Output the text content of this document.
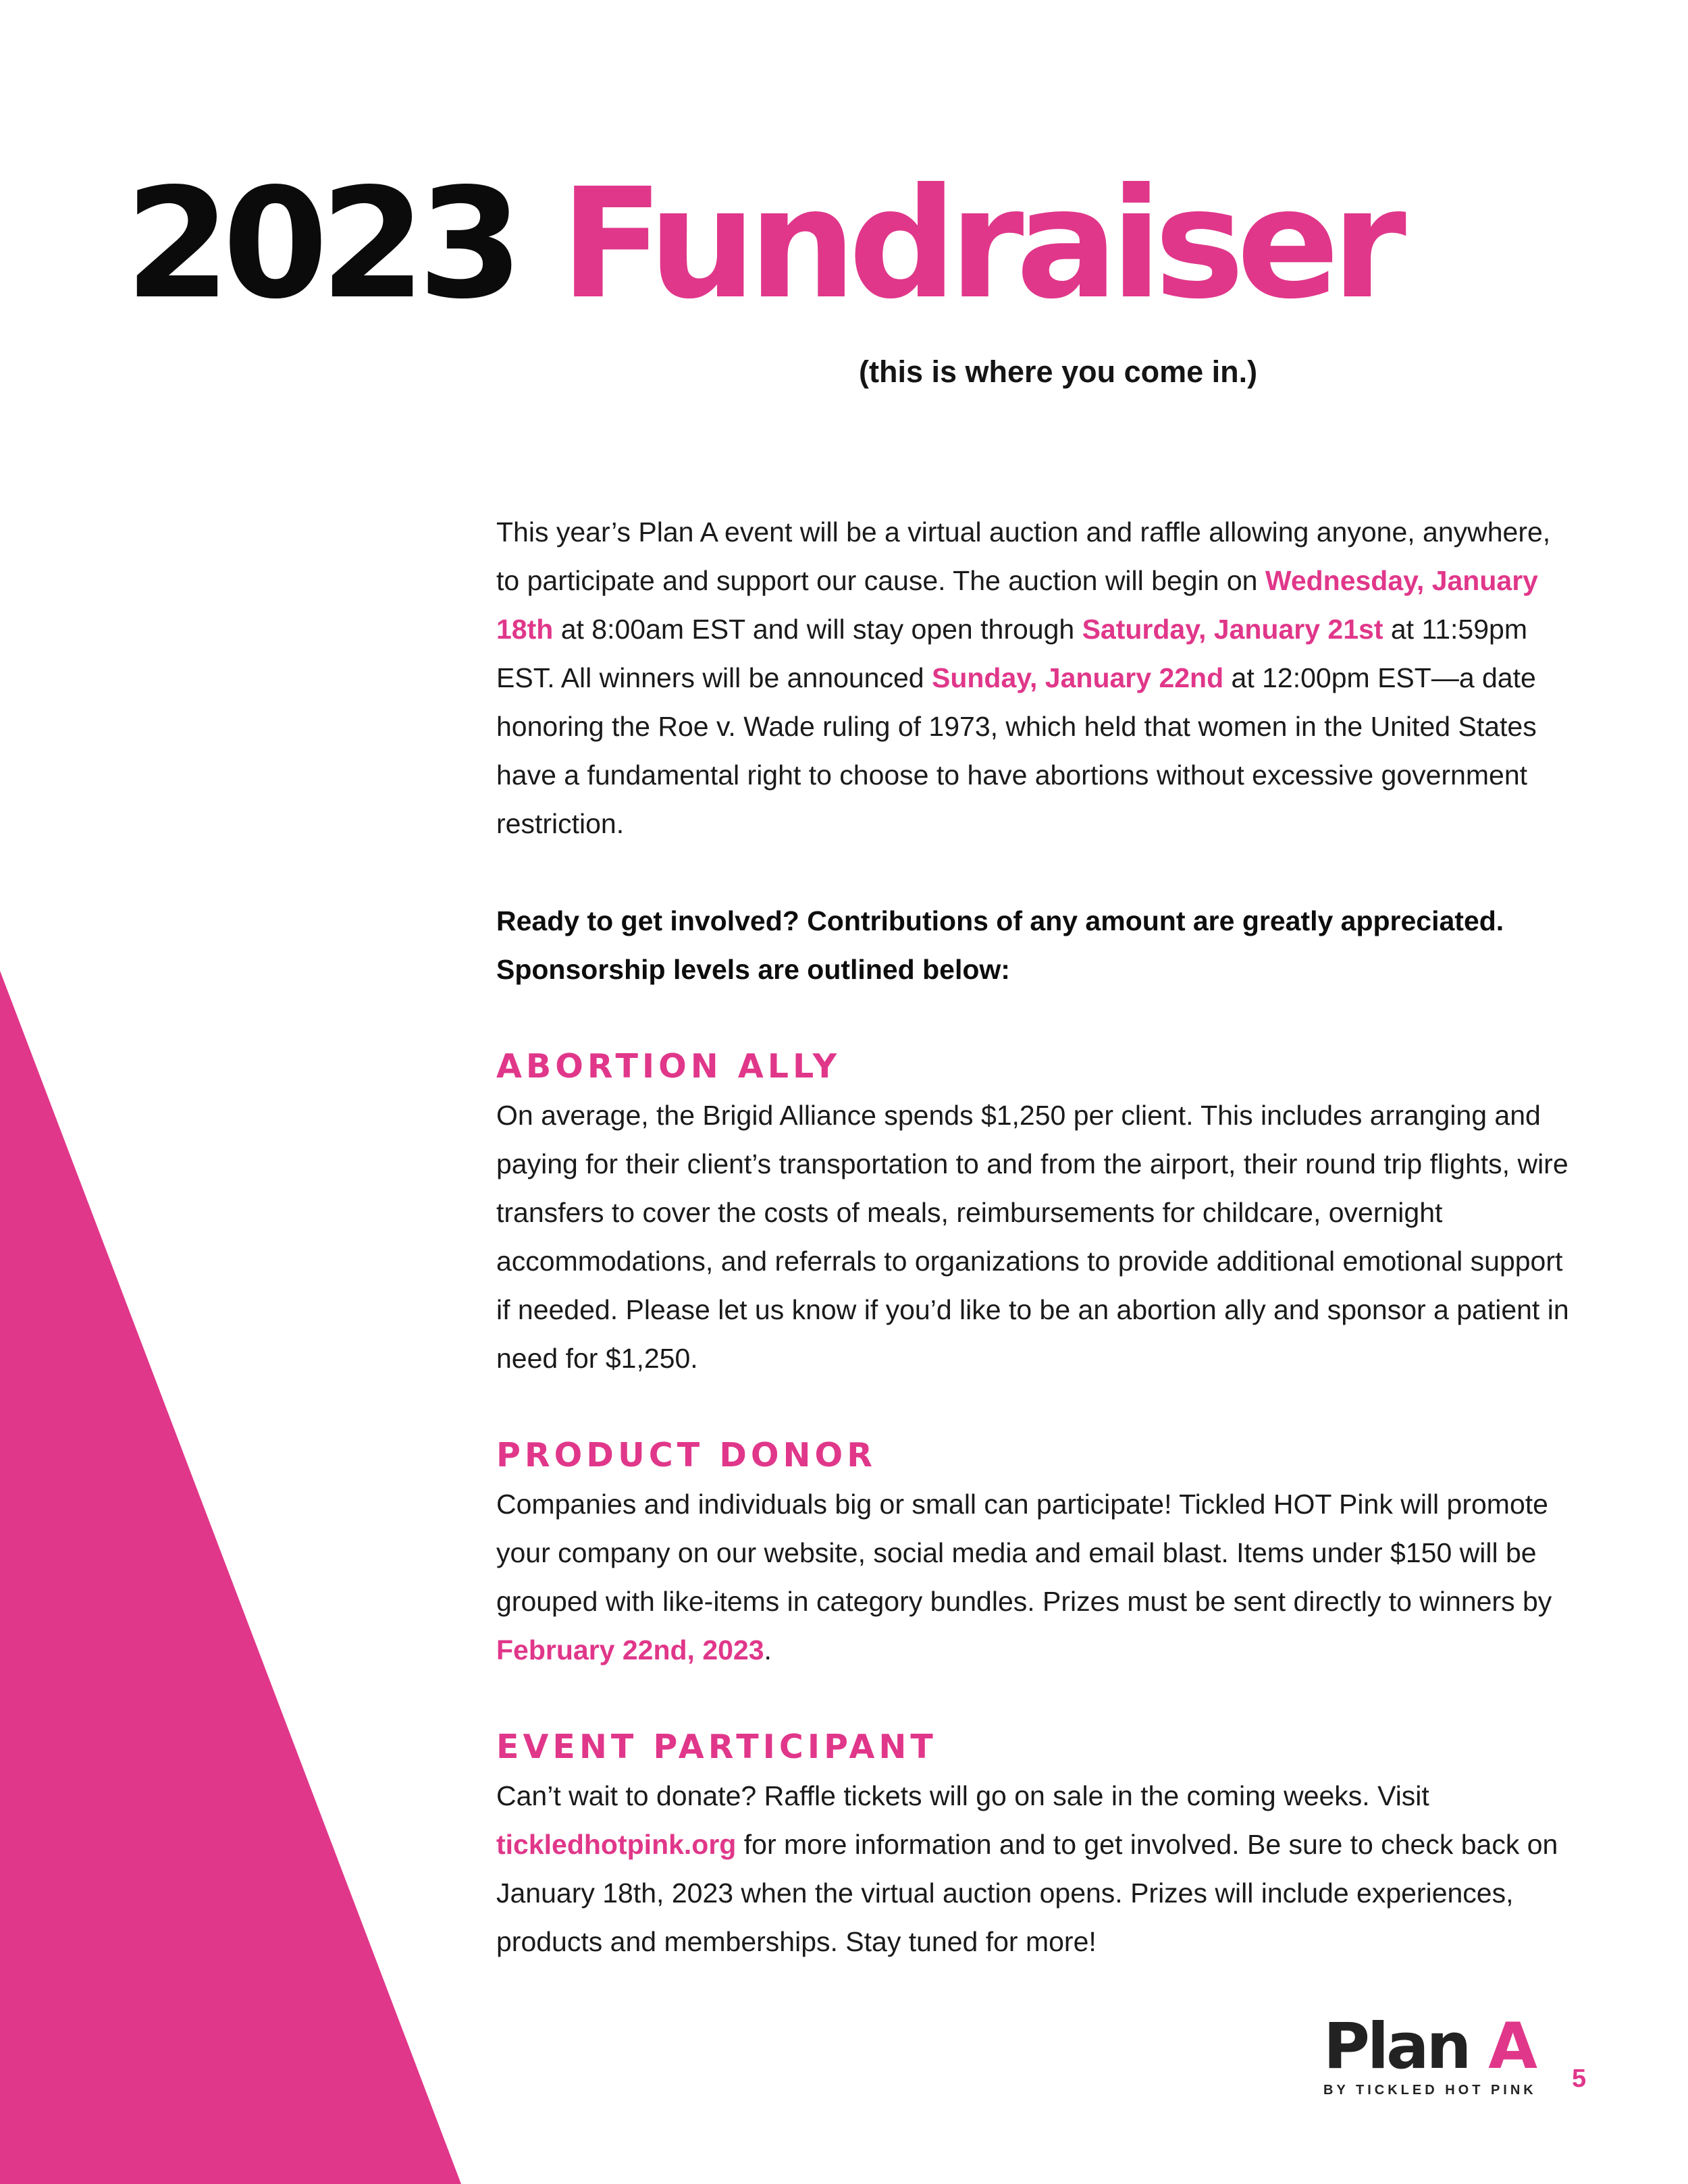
2023 Fundraiser
(this is where you come in.)

This year’s Plan A event will be a virtual auction and raffle allowing anyone, anywhere, to participate and support our cause. The auction will begin on Wednesday, January 18th at 8:00am EST and will stay open through Saturday, January 21st at 11:59pm EST. All winners will be announced Sunday, January 22nd at 12:00pm EST—a date honoring the Roe v. Wade ruling of 1973, which held that women in the United States have a fundamental right to choose to have abortions without excessive government restriction.

Ready to get involved? Contributions of any amount are greatly appreciated. Sponsorship levels are outlined below:

ABORTION ALLY

On average, the Brigid Alliance spends $1,250 per client. This includes arranging and paying for their client’s transportation to and from the airport, their round trip flights, wire transfers to cover the costs of meals, reimbursements for childcare, overnight accommodations, and referrals to organizations to provide additional emotional support if needed. Please let us know if you’d like to be an abortion ally and sponsor a patient in need for $1,250.

PRODUCT DONOR

Companies and individuals big or small can participate! Tickled HOT Pink will promote your company on our website, social media and email blast. Items under $150 will be grouped with like-items in category bundles. Prizes must be sent directly to winners by February 22nd, 2023.

EVENT PARTICIPANT

Can’t wait to donate? Raffle tickets will go on sale in the coming weeks. Visit tickledhotpink.org for more information and to get involved. Be sure to check back on January 18th, 2023 when the virtual auction opens. Prizes will include experiences, products and memberships. Stay tuned for more!

Plan A
BY TICKLED HOT PINK 5
